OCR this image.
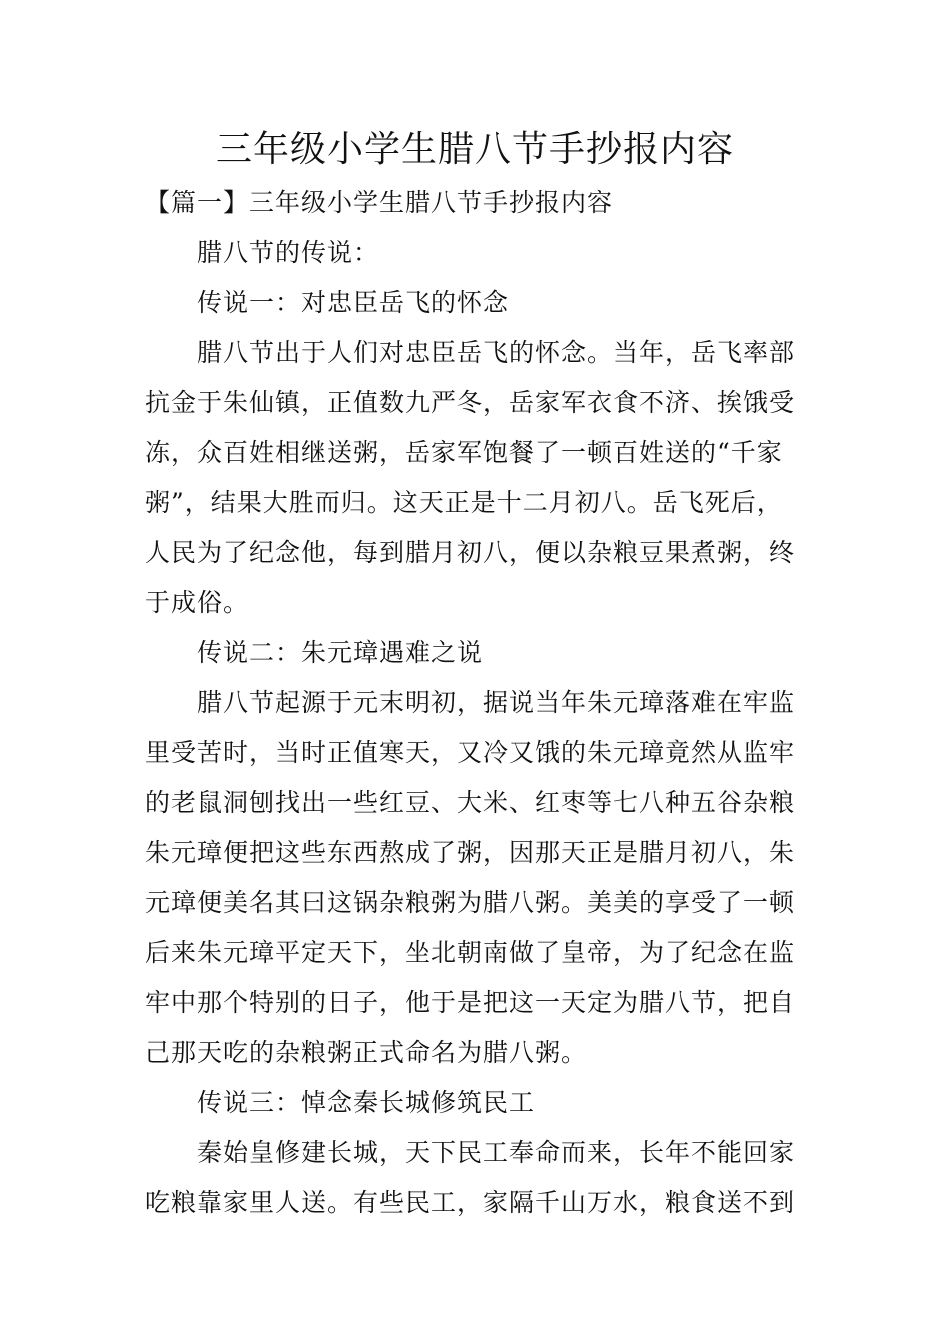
三年级小学生腊八节手抄报内容
【篇一】三年级小学生腊八节手抄报内容
腊八节的传说：
传说一：对忠臣岳飞的怀念
腊八节出于人们对忠臣岳飞的怀念。当年，岳飞率部
抗金于朱仙镇，正值数九严冬，岳家军衣食不济、挨饿受
冻，众百姓相继送粥，岳家军饱餐了一顿百姓送的“千家
粥”，结果大胜而归。这天正是十二月初八。岳飞死后，
人民为了纪念他，每到腊月初八，便以杂粮豆果煮粥，终
于成俗。
传说二：朱元璋遇难之说
腊八节起源于元末明初，据说当年朱元璋落难在牢监
里受苦时，当时正值寒天，又冷又饿的朱元璋竟然从监牢
的老鼠洞刨找出一些红豆、大米、红枣等七八种五谷杂粮
朱元璋便把这些东西熬成了粥，因那天正是腊月初八，朱
元璋便美名其曰这锅杂粮粥为腊八粥。美美的享受了一顿
后来朱元璋平定天下，坐北朝南做了皇帝，为了纪念在监
牢中那个特别的日子，他于是把这一天定为腊八节，把自
己那天吃的杂粮粥正式命名为腊八粥。
传说三：悼念秦长城修筑民工
秦始皇修建长城，天下民工奉命而来，长年不能回家
吃粮靠家里人送。有些民工，家隔千山万水，粮食送不到
